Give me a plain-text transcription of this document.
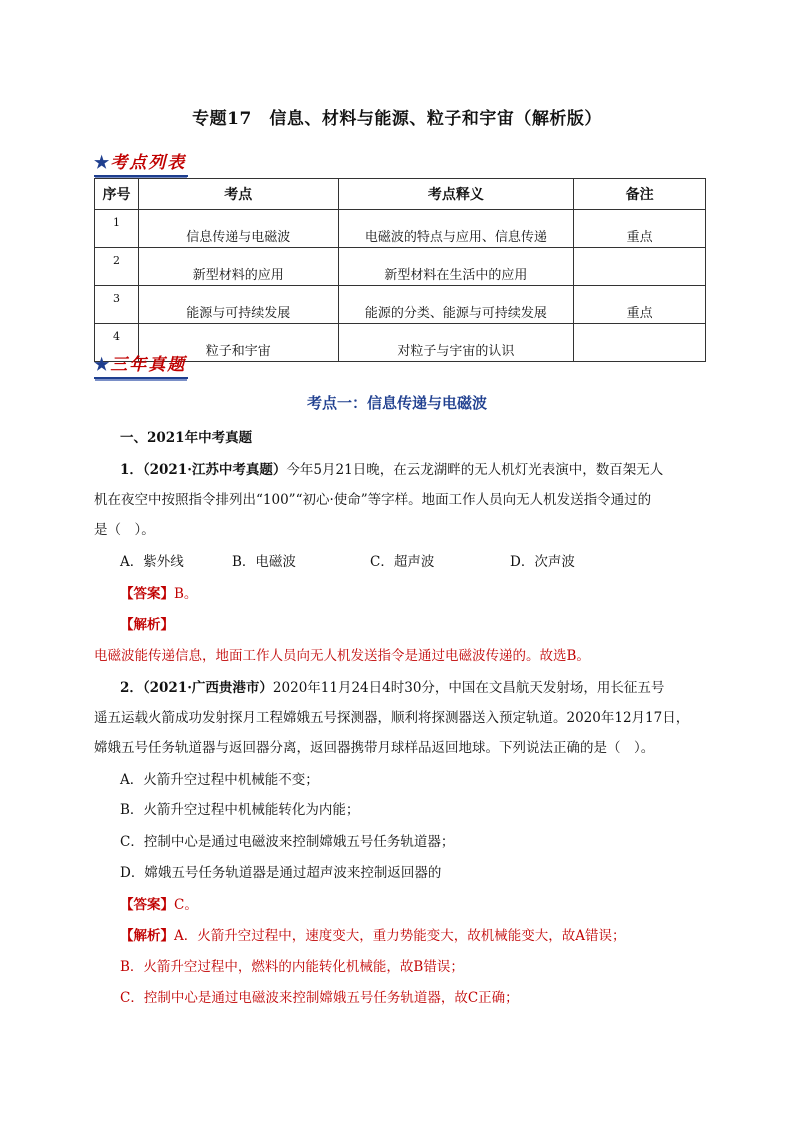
专题17　信息、材料与能源、粒子和宇宙（解析版）
★考点列表
序号	考点	考点释义	备注
1	信息传递与电磁波	电磁波的特点与应用、信息传递	重点
2	新型材料的应用	新型材料在生活中的应用	
3	能源与可持续发展	能源的分类、能源与可持续发展	重点
4	粒子和宇宙	对粒子与宇宙的认识	
★三年真题
考点一：信息传递与电磁波
一、2021年中考真题
1．（2021·江苏中考真题）今年5月21日晚，在云龙湖畔的无人机灯光表演中，数百架无人
机在夜空中按照指令排列出“100”“初心·使命”等字样。地面工作人员向无人机发送指令通过的
是（　）。
A．紫外线	B．电磁波	C．超声波	D．次声波
【答案】B。
【解析】
电磁波能传递信息，地面工作人员向无人机发送指令是通过电磁波传递的。故选B。
2．（2021·广西贵港市）2020年11月24日4时30分，中国在文昌航天发射场，用长征五号
遥五运载火箭成功发射探月工程嫦娥五号探测器，顺利将探测器送入预定轨道。2020年12月17日，
嫦娥五号任务轨道器与返回器分离，返回器携带月球样品返回地球。下列说法正确的是（　）。
A．火箭升空过程中机械能不变；
B．火箭升空过程中机械能转化为内能；
C．控制中心是通过电磁波来控制嫦娥五号任务轨道器；
D．嫦娥五号任务轨道器是通过超声波来控制返回器的
【答案】C。
【解析】A．火箭升空过程中，速度变大，重力势能变大，故机械能变大，故A错误；
B．火箭升空过程中，燃料的内能转化机械能，故B错误；
C．控制中心是通过电磁波来控制嫦娥五号任务轨道器，故C正确；
